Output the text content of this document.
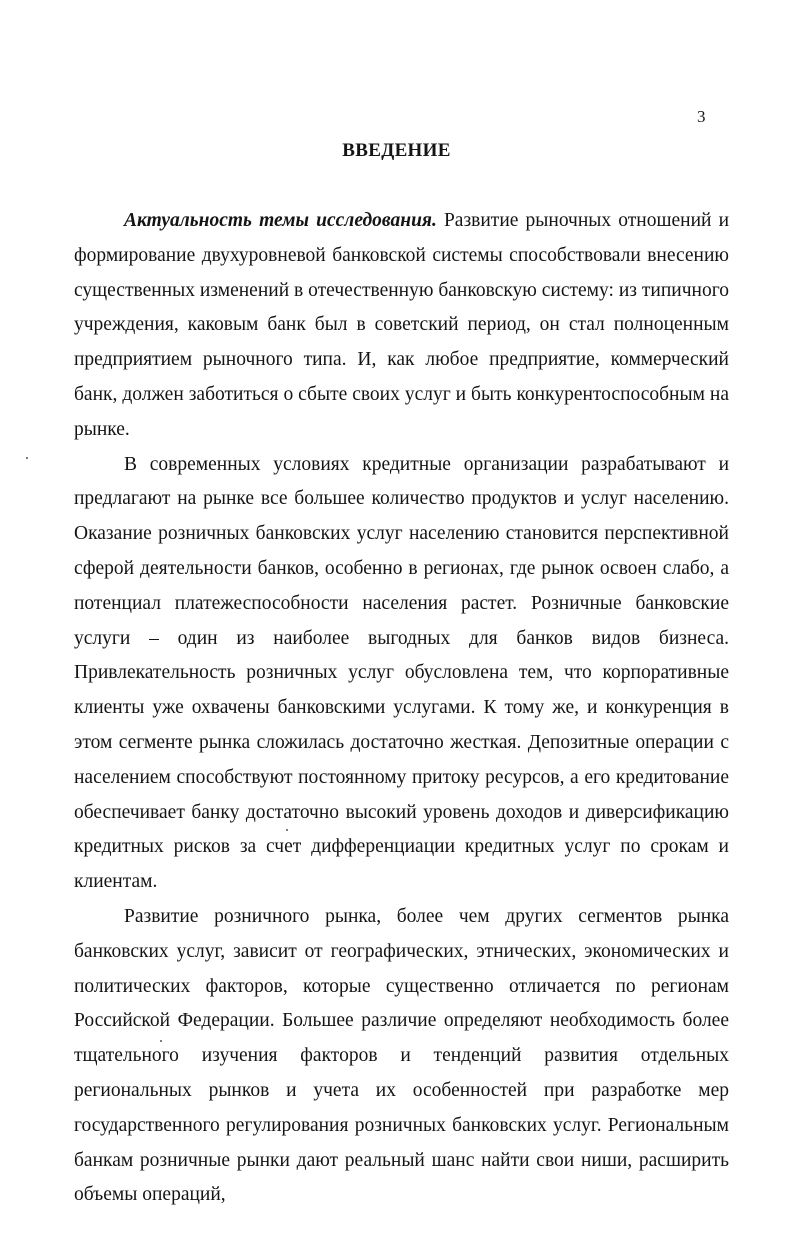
3
ВВЕДЕНИЕ

Актуальность темы исследования. Развитие рыночных отношений и формирование двухуровневой банковской системы способствовали внесению существенных изменений в отечественную банковскую систему: из типичного учреждения, каковым банк был в советский период, он стал полноценным предприятием рыночного типа. И, как любое предприятие, коммерческий банк, должен заботиться о сбыте своих услуг и быть конкурентоспособным на рынке.

В современных условиях кредитные организации разрабатывают и предлагают на рынке все большее количество продуктов и услуг населению. Оказание розничных банковских услуг населению становится перспективной сферой деятельности банков, особенно в регионах, где рынок освоен слабо, а потенциал платежеспособности населения растет. Розничные банковские услуги – один из наиболее выгодных для банков видов бизнеса. Привлекательность розничных услуг обусловлена тем, что корпоративные клиенты уже охвачены банковскими услугами. К тому же, и конкуренция в этом сегменте рынка сложилась достаточно жесткая. Депозитные операции с населением способствуют постоянному притоку ресурсов, а его кредитование обеспечивает банку достаточно высокий уровень доходов и диверсификацию кредитных рисков за счет дифференциации кредитных услуг по срокам и клиентам.

Развитие розничного рынка, более чем других сегментов рынка банковских услуг, зависит от географических, этнических, экономических и политических факторов, которые существенно отличается по регионам Российской Федерации. Большее различие определяют необходимость более тщательного изучения факторов и тенденций развития отдельных региональных рынков и учета их особенностей при разработке мер государственного регулирования розничных банковских услуг. Региональным банкам розничные рынки дают реальный шанс найти свои ниши, расширить объемы операций,
